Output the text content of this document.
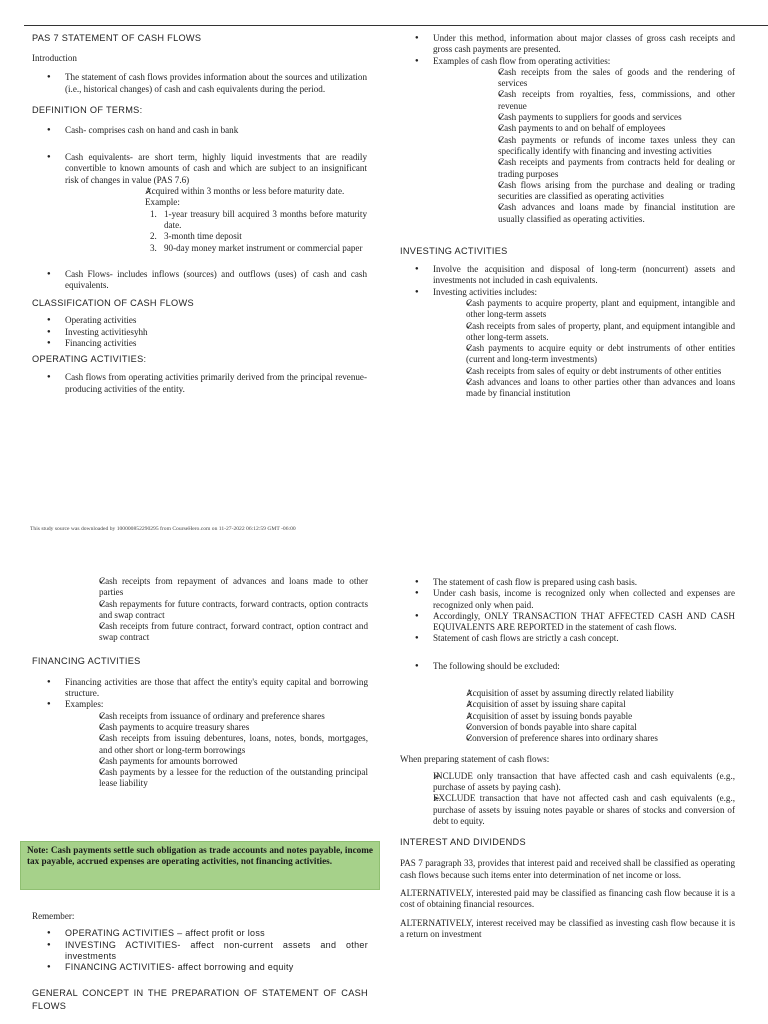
PAS 7 STATEMENT OF CASH FLOWS

Introduction

● The statement of cash flows provides information about the sources and utilization (i.e., historical changes) of cash and cash equivalents during the period.

DEFINITION OF TERMS:

● Cash- comprises cash on hand and cash in bank

● Cash equivalents- are short term, highly liquid investments that are readily convertible to known amounts of cash and which are subject to an insignificant risk of changes in value (PAS 7.6)

✓ Acquired within 3 months or less before maturity date.

Example:

1. 1-year treasury bill acquired 3 months before maturity date.

2. 3-month time deposit

3. 90-day money market instrument or commercial paper

● Cash Flows- includes inflows (sources) and outflows (uses) of cash and cash equivalents.

CLASSIFICATION OF CASH FLOWS

● Operating activities

● Investing activitiesyhh

● Financing activities

OPERATING ACTIVITIES:

● Cash flows from operating activities primarily derived from the principal revenue-producing activities of the entity.

● Under this method, information about major classes of gross cash receipts and gross cash payments are presented.

● Examples of cash flow from operating activities:

✓ Cash receipts from the sales of goods and the rendering of services

✓ Cash receipts from royalties, fess, commissions, and other revenue

✓ Cash payments to suppliers for goods and services

✓ Cash payments to and on behalf of employees

✓ Cash payments or refunds of income taxes unless they can specifically identify with financing and investing activities

✓ Cash receipts and payments from contracts held for dealing or trading purposes

✓ Cash flows arising from the purchase and dealing or trading securities are classified as operating activities

✓ Cash advances and loans made by financial institution are usually classified as operating activities.

INVESTING ACTIVITIES

● Involve the acquisition and disposal of long-term (noncurrent) assets and investments not included in cash equivalents.

● Investing activities includes:

✓ Cash payments to acquire property, plant and equipment, intangible and other long-term assets

✓ Cash receipts from sales of property, plant, and equipment intangible and other long-term assets.

✓ Cash payments to acquire equity or debt instruments of other entities (current and long-term investments)

✓ Cash receipts from sales of equity or debt instruments of other entities

✓ Cash advances and loans to other parties other than advances and loans made by financial institution

This study source was downloaded by 100000852290295 from CourseHero.com on 11-27-2022 06:12:59 GMT -06:00

✓ Cash receipts from repayment of advances and loans made to other parties

✓ Cash repayments for future contracts, forward contracts, option contracts and swap contract

✓ Cash receipts from future contract, forward contract, option contract and swap contract

FINANCING ACTIVITIES

● Financing activities are those that affect the entity's equity capital and borrowing structure.

● Examples:

✓ Cash receipts from issuance of ordinary and preference shares

✓ Cash payments to acquire treasury shares

✓ Cash receipts from issuing debentures, loans, notes, bonds, mortgages, and other short or long-term borrowings

✓ Cash payments for amounts borrowed

✓ Cash payments by a lessee for the reduction of the outstanding principal lease liability

Note: Cash payments settle such obligation as trade accounts and notes payable, income tax payable, accrued expenses are operating activities, not financing activities.

Remember:

● OPERATING ACTIVITIES – affect profit or loss

● INVESTING ACTIVITIES- affect non-current assets and other investments

● FINANCING ACTIVITIES- affect borrowing and equity

GENERAL CONCEPT IN THE PREPARATION OF STATEMENT OF CASH FLOWS

● The statement of cash flow is prepared using cash basis.

● Under cash basis, income is recognized only when collected and expenses are recognized only when paid.

● Accordingly, ONLY TRANSACTION THAT AFFECTED CASH AND CASH EQUIVALENTS ARE REPORTED in the statement of cash flows.

● Statement of cash flows are strictly a cash concept.

● The following should be excluded:

✓ Acquisition of asset by assuming directly related liability

✓ Acquisition of asset by issuing share capital

✓ Acquisition of asset by issuing bonds payable

✓ Conversion of bonds payable into share capital

✓ Conversion of preference shares into ordinary shares

When preparing statement of cash flows:

➢ INCLUDE only transaction that have affected cash and cash equivalents (e.g., purchase of assets by paying cash).

➢ EXCLUDE transaction that have not affected cash and cash equivalents (e.g., purchase of assets by issuing notes payable or shares of stocks and conversion of debt to equity.

INTEREST AND DIVIDENDS

PAS 7 paragraph 33, provides that interest paid and received shall be classified as operating cash flows because such items enter into determination of net income or loss.

ALTERNATIVELY, interested paid may be classified as financing cash flow because it is a cost of obtaining financial resources.

ALTERNATIVELY, interest received may be classified as investing cash flow because it is a return on investment
